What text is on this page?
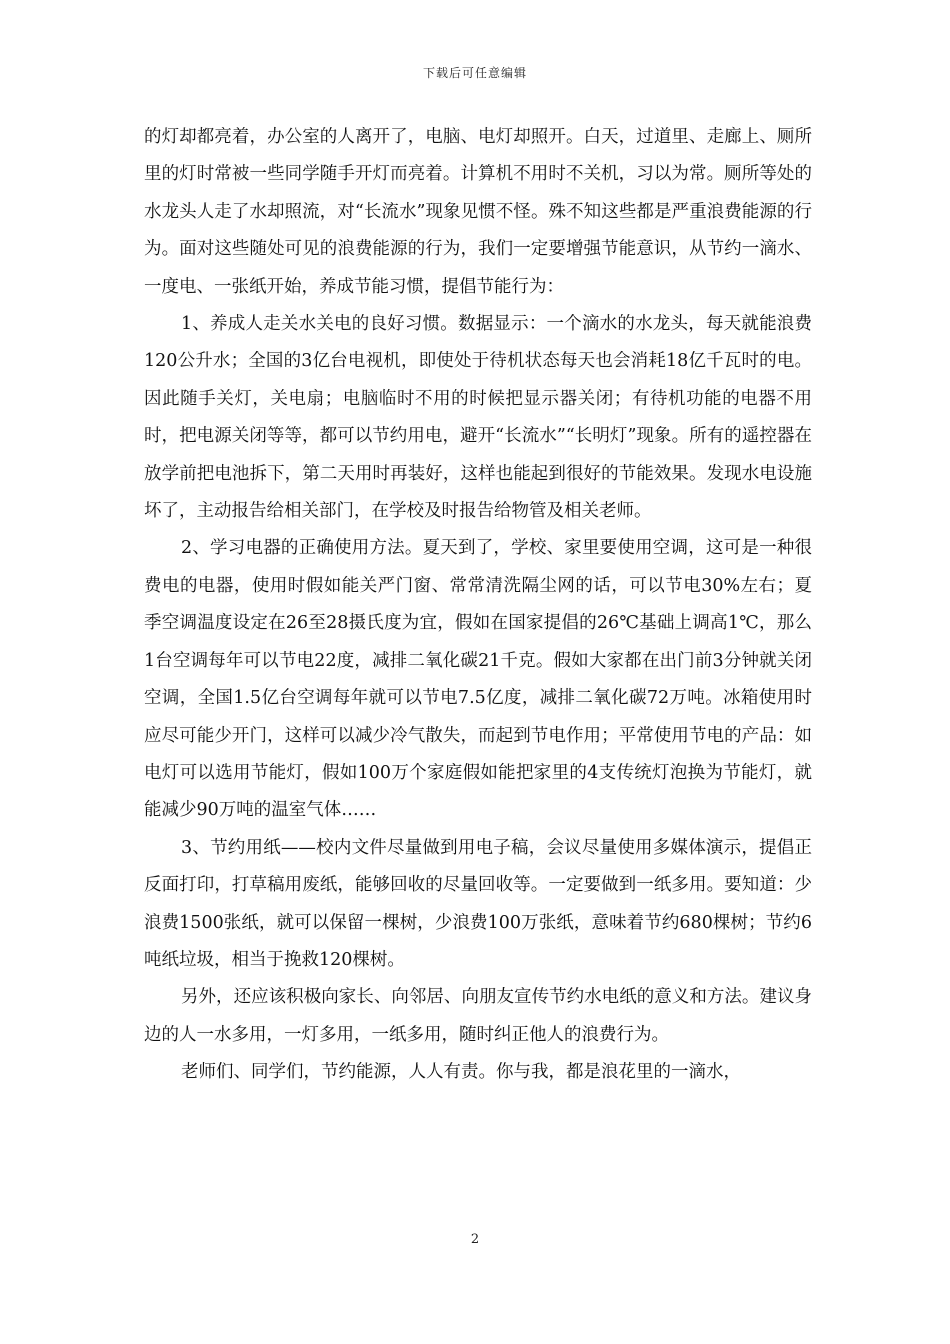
下载后可任意编辑

的灯却都亮着，办公室的人离开了，电脑、电灯却照开。白天，过道里、走廊上、厕所里的灯时常被一些同学随手开灯而亮着。计算机不用时不关机，习以为常。厕所等处的水龙头人走了水却照流，对“长流水”现象见惯不怪。殊不知这些都是严重浪费能源的行为。面对这些随处可见的浪费能源的行为，我们一定要增强节能意识，从节约一滴水、一度电、一张纸开始，养成节能习惯，提倡节能行为：

1、养成人走关水关电的良好习惯。数据显示：一个滴水的水龙头，每天就能浪费120公升水；全国的3亿台电视机，即使处于待机状态每天也会消耗18亿千瓦时的电。因此随手关灯，关电扇；电脑临时不用的时候把显示器关闭；有待机功能的电器不用时，把电源关闭等等，都可以节约用电，避开“长流水”“长明灯”现象。所有的遥控器在放学前把电池拆下，第二天用时再装好，这样也能起到很好的节能效果。发现水电设施坏了，主动报告给相关部门，在学校及时报告给物管及相关老师。

2、学习电器的正确使用方法。夏天到了，学校、家里要使用空调，这可是一种很费电的电器，使用时假如能关严门窗、常常清洗隔尘网的话，可以节电30%左右；夏季空调温度设定在26至28摄氏度为宜，假如在国家提倡的26℃基础上调高1℃，那么1台空调每年可以节电22度，减排二氧化碳21千克。假如大家都在出门前3分钟就关闭空调，全国1.5亿台空调每年就可以节电7.5亿度，减排二氧化碳72万吨。冰箱使用时应尽可能少开门，这样可以减少冷气散失，而起到节电作用；平常使用节电的产品：如电灯可以选用节能灯，假如100万个家庭假如能把家里的4支传统灯泡换为节能灯，就能减少90万吨的温室气体……

3、节约用纸——校内文件尽量做到用电子稿，会议尽量使用多媒体演示，提倡正反面打印，打草稿用废纸，能够回收的尽量回收等。一定要做到一纸多用。要知道：少浪费1500张纸，就可以保留一棵树，少浪费100万张纸，意味着节约680棵树；节约6吨纸垃圾，相当于挽救120棵树。

另外，还应该积极向家长、向邻居、向朋友宣传节约水电纸的意义和方法。建议身边的人一水多用，一灯多用，一纸多用，随时纠正他人的浪费行为。

老师们、同学们，节约能源，人人有责。你与我，都是浪花里的一滴水，

2
